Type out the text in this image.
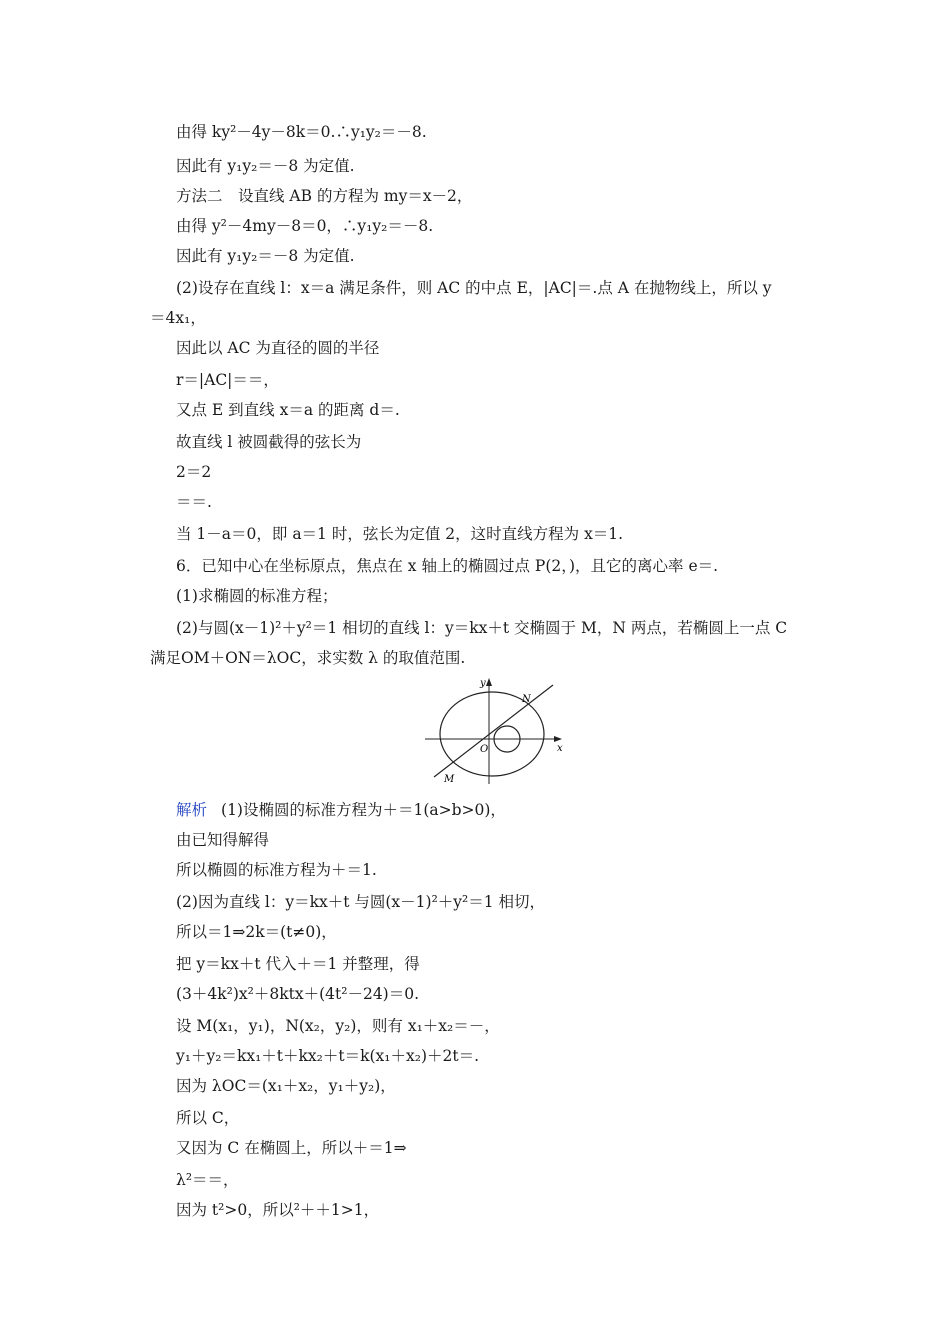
由得 ky²－4y－8k＝0.∴y₁y₂＝－8.
因此有 y₁y₂＝－8 为定值.
方法二　设直线 AB 的方程为 my＝x－2，
由得 y²－4my－8＝0，∴y₁y₂＝－8.
因此有 y₁y₂＝－8 为定值.
(2)设存在直线 l：x＝a 满足条件，则 AC 的中点 E，|AC|＝.点 A 在抛物线上，所以 y
＝4x₁，
因此以 AC 为直径的圆的半径
r＝|AC|＝＝，
又点 E 到直线 x＝a 的距离 d＝.
故直线 l 被圆截得的弦长为
2＝2
＝＝.
当 1－a＝0，即 a＝1 时，弦长为定值 2，这时直线方程为 x＝1.
6．已知中心在坐标原点，焦点在 x 轴上的椭圆过点 P(2，)，且它的离心率 e＝.
(1)求椭圆的标准方程；
(2)与圆(x－1)²＋y²＝1 相切的直线 l：y＝kx＋t 交椭圆于 M，N 两点，若椭圆上一点 C
满足OM＋ON＝λOC，求实数 λ 的取值范围.
y
x
O
N
M
解析 (1)设椭圆的标准方程为＋＝1(a>b>0)，
由已知得解得
所以椭圆的标准方程为＋＝1.
(2)因为直线 l：y＝kx＋t 与圆(x－1)²＋y²＝1 相切，
所以＝1⇒2k＝(t≠0)，
把 y＝kx＋t 代入＋＝1 并整理，得
(3＋4k²)x²＋8ktx＋(4t²－24)＝0.
设 M(x₁，y₁)，N(x₂，y₂)，则有 x₁＋x₂＝－，
y₁＋y₂＝kx₁＋t＋kx₂＋t＝k(x₁＋x₂)＋2t＝.
因为 λOC＝(x₁＋x₂，y₁＋y₂)，
所以 C，
又因为 C 在椭圆上，所以＋＝1⇒
λ²＝＝，
因为 t²>0，所以²＋＋1>1，
